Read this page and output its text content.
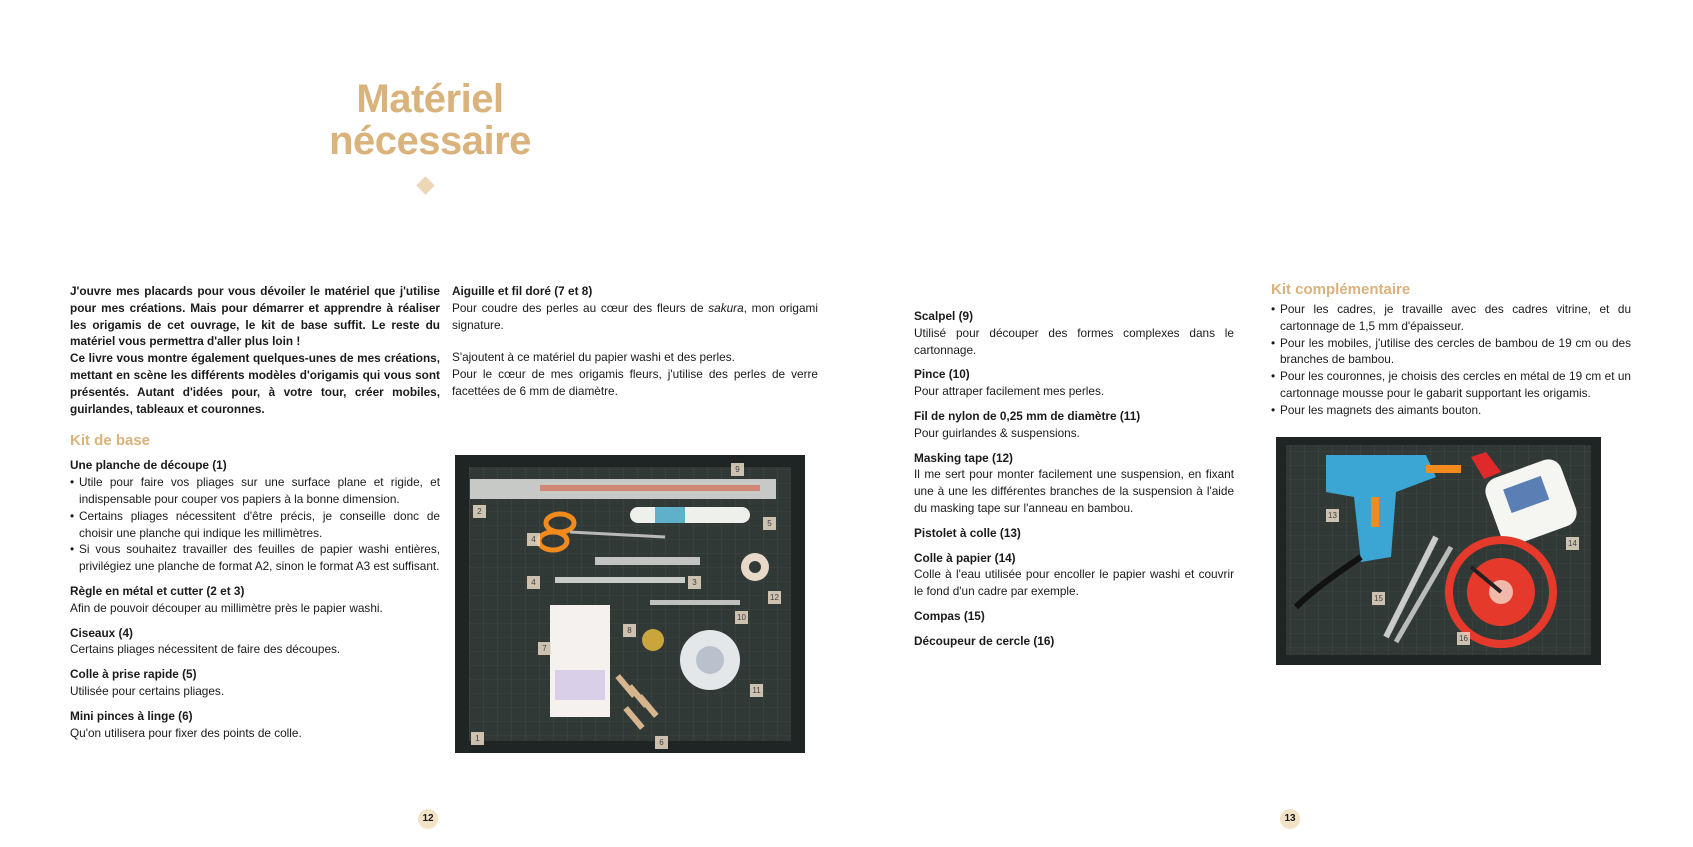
Matériel
nécessaire

J'ouvre mes placards pour vous dévoiler le matériel que j'utilise pour mes créations. Mais pour démarrer et apprendre à réaliser les origamis de cet ouvrage, le kit de base suffit. Le reste du matériel vous permettra d'aller plus loin !

Ce livre vous montre également quelques-unes de mes créations, mettant en scène les différents modèles d'origamis qui vous sont présentés. Autant d'idées pour, à votre tour, créer mobiles, guirlandes, tableaux et couronnes.

Kit de base
Une planche de découpe (1)
• Utile pour faire vos pliages sur une surface plane et rigide, et indispensable pour couper vos papiers à la bonne dimension.
• Certains pliages nécessitent d'être précis, je conseille donc de choisir une planche qui indique les millimètres.
• Si vous souhaitez travailler des feuilles de papier washi entières, privilégiez une planche de format A2, sinon le format A3 est suffisant.
Règle en métal et cutter (2 et 3)
Afin de pouvoir découper au millimètre près le papier washi.
Ciseaux (4)
Certains pliages nécessitent de faire des découpes.
Colle à prise rapide (5)
Utilisée pour certains pliages.
Mini pinces à linge (6)
Qu'on utilisera pour fixer des points de colle.
Aiguille et fil doré (7 et 8)
Pour coudre des perles au cœur des fleurs de sakura, mon origami signature.
S'ajoutent à ce matériel du papier washi et des perles.
Pour le cœur de mes origamis fleurs, j'utilise des perles de verre facettées de 6 mm de diamètre.
1
2
3
4
4
5
6
7
8
9
10
11
12
12
Scalpel (9)
Utilisé pour découper des formes complexes dans le cartonnage.
Pince (10)
Pour attraper facilement mes perles.
Fil de nylon de 0,25 mm de diamètre (11)
Pour guirlandes & suspensions.
Masking tape (12)
Il me sert pour monter facilement une suspension, en fixant une à une les différentes branches de la suspension à l'aide du masking tape sur l'anneau en bambou.
Pistolet à colle (13)
Colle à papier (14)
Colle à l'eau utilisée pour encoller le papier washi et couvrir le fond d'un cadre par exemple.
Compas (15)
Découpeur de cercle (16)
Kit complémentaire
• Pour les cadres, je travaille avec des cadres vitrine, et du cartonnage de 1,5 mm d'épaisseur.
• Pour les mobiles, j'utilise des cercles de bambou de 19 cm ou des branches de bambou.
• Pour les couronnes, je choisis des cercles en métal de 19 cm et un cartonnage mousse pour le gabarit supportant les origamis.
• Pour les magnets des aimants bouton.
13
14
15
16
13
